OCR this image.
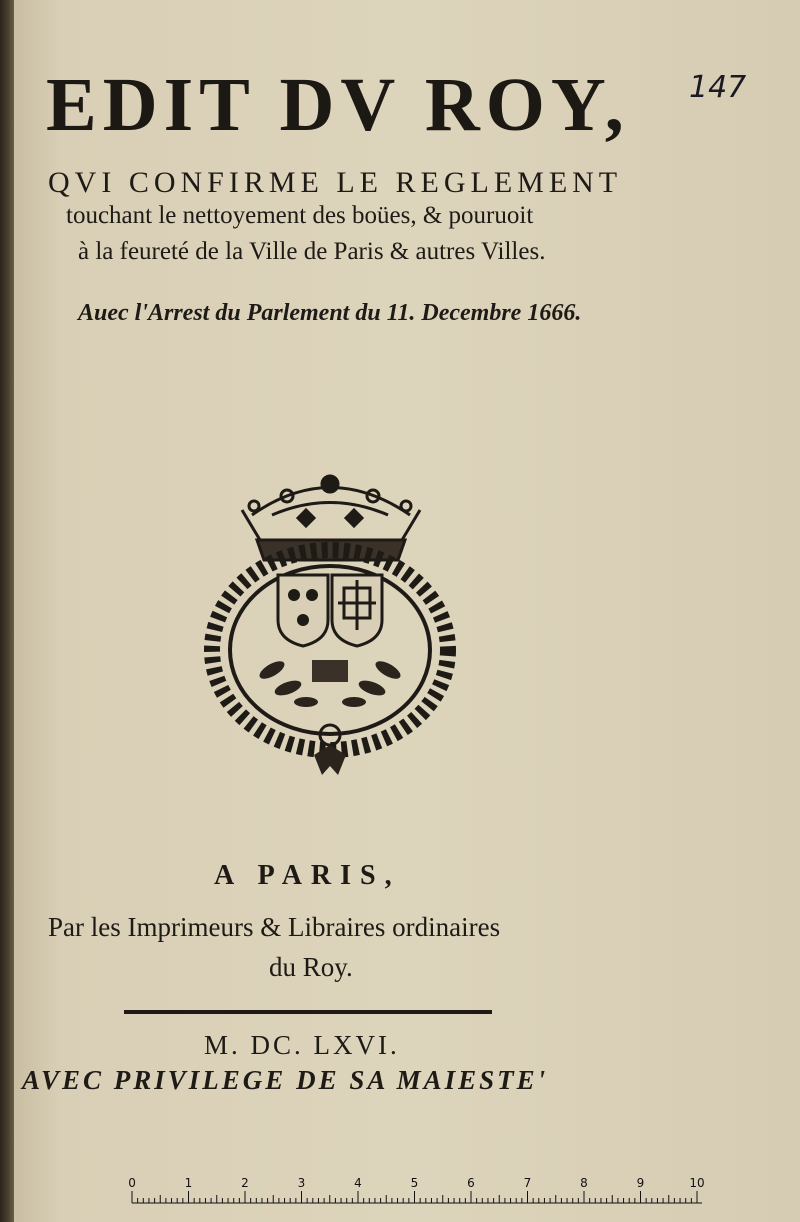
EDIT DV ROY, 147
QVI CONFIRME LE REGLEMENT
touchant le nettoyement des boües, & pouruoit
à la feureté de la Ville de Paris & autres Villes.
Auec l'Arrest du Parlement du 11. Decembre 1666.
A PARIS,
Par les Imprimeurs & Libraires ordinaires
du Roy.
M. DC. LXVI.
AVEC PRIVILEGE DE SA MAIESTE'
0	1	2	3	4	5	6	7	8	9	10
